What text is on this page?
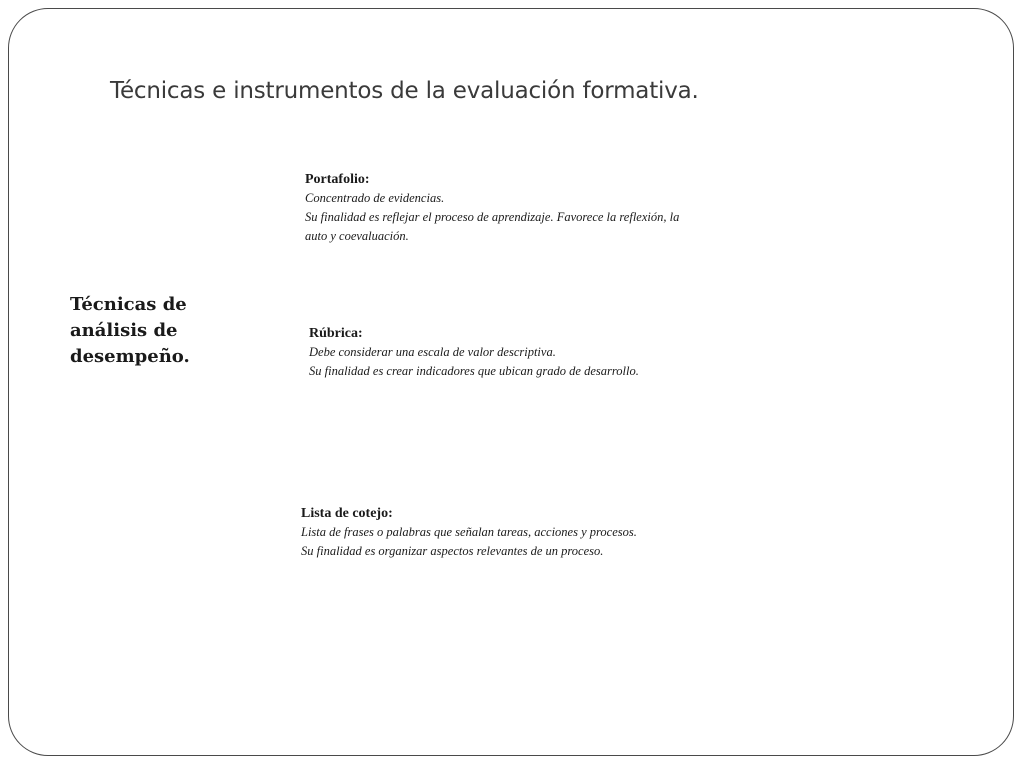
Técnicas e instrumentos de la evaluación formativa.

Técnicas de análisis de desempeño.

Portafolio:
Concentrado de evidencias.
Su finalidad es reflejar el proceso de aprendizaje. Favorece la reflexión, la
auto y coevaluación.
Rúbrica:
Debe considerar una escala de valor descriptiva.
Su finalidad es crear indicadores que ubican grado de desarrollo.
Lista de cotejo:
Lista de frases o palabras que señalan tareas, acciones y procesos.
Su finalidad es organizar aspectos relevantes de un proceso.
